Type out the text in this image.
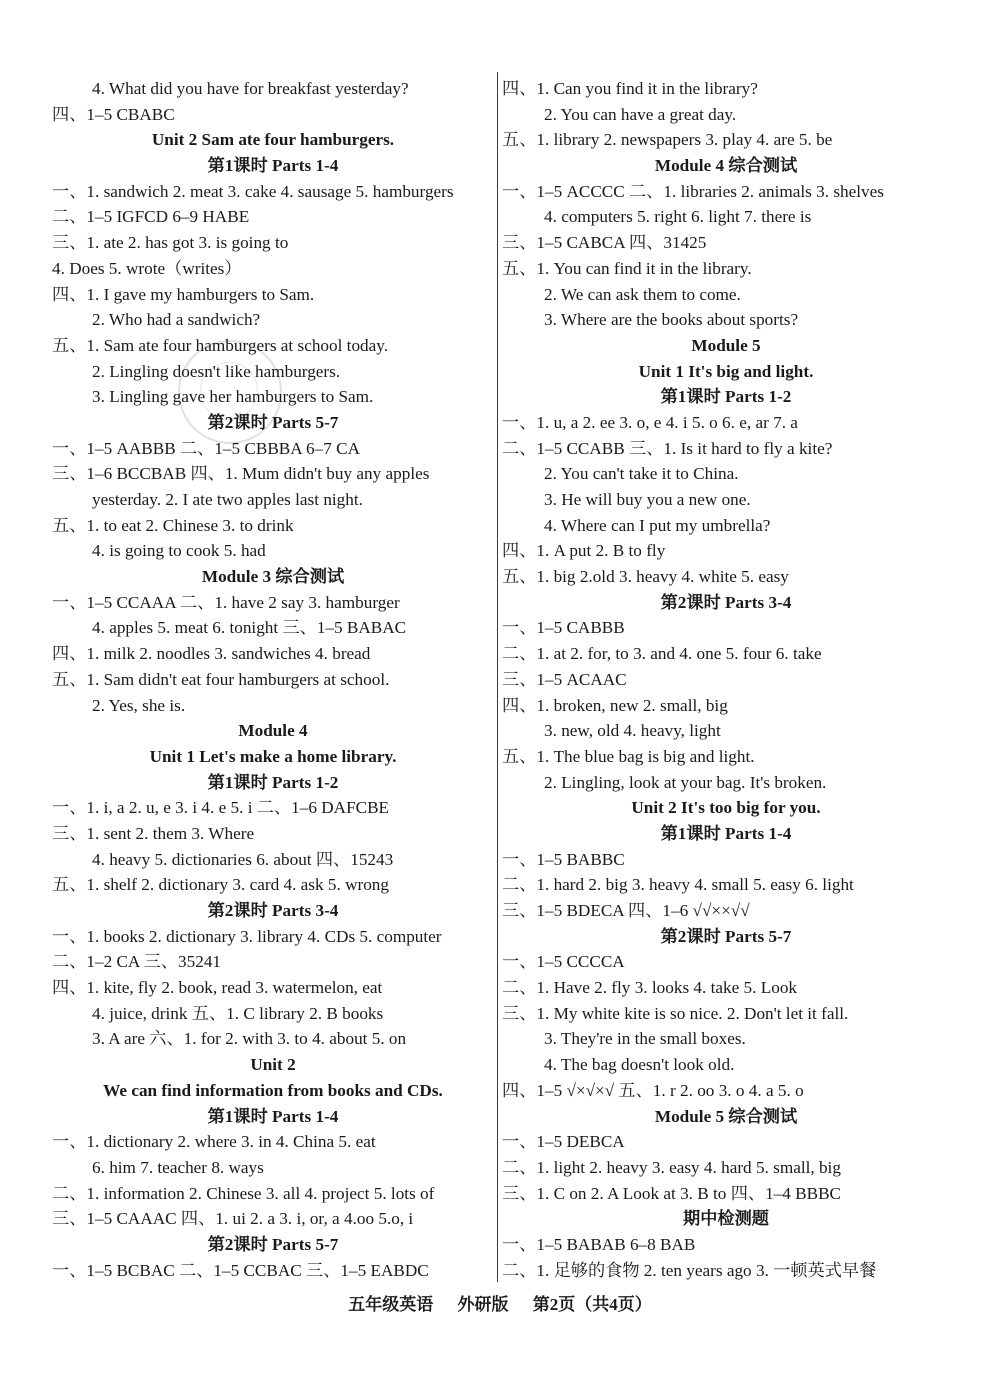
4. What did you have for breakfast yesterday?
四、1–5 CBABC
Unit 2 Sam ate four hamburgers.
第1课时 Parts 1-4
一、1. sandwich 2. meat 3. cake 4. sausage 5. hamburgers
二、1–5 IGFCD 6–9 HABE
三、1. ate 2. has got 3. is going to
4. Does 5. wrote（writes）
四、1. I gave my hamburgers to Sam.
2. Who had a sandwich?
五、1. Sam ate four hamburgers at school today.
2. Lingling doesn't like hamburgers.
3. Lingling gave her hamburgers to Sam.
第2课时 Parts 5-7
一、1–5 AABBB 二、1–5 CBBBA 6–7 CA
三、1–6 BCCBAB 四、1. Mum didn't buy any apples
yesterday. 2. I ate two apples last night.
五、1. to eat 2. Chinese 3. to drink
4. is going to cook 5. had
Module 3 综合测试
一、1–5 CCAAA 二、1. have 2 say 3. hamburger
4. apples 5. meat 6. tonight 三、1–5 BABAC
四、1. milk 2. noodles 3. sandwiches 4. bread
五、1. Sam didn't eat four hamburgers at school.
2. Yes, she is.
Module 4
Unit 1 Let's make a home library.
第1课时 Parts 1-2
一、1. i, a 2. u, e 3. i 4. e 5. i 二、1–6 DAFCBE
三、1. sent 2. them 3. Where
4. heavy 5. dictionaries 6. about 四、15243
五、1. shelf 2. dictionary 3. card 4. ask 5. wrong
第2课时 Parts 3-4
一、1. books 2. dictionary 3. library 4. CDs 5. computer
二、1–2 CA 三、35241
四、1. kite, fly 2. book, read 3. watermelon, eat
4. juice, drink 五、1. C library 2. B books
3. A are 六、1. for 2. with 3. to 4. about 5. on
Unit 2
We can find information from books and CDs.
第1课时 Parts 1-4
一、1. dictionary 2. where 3. in 4. China 5. eat
6. him 7. teacher 8. ways
二、1. information 2. Chinese 3. all 4. project 5. lots of
三、1–5 CAAAC 四、1. ui 2. a 3. i, or, a 4.oo 5.o, i
第2课时 Parts 5-7
一、1–5 BCBAC 二、1–5 CCBAC 三、1–5 EABDC
四、1. Can you find it in the library?
2. You can have a great day.
五、1. library 2. newspapers 3. play 4. are 5. be
Module 4 综合测试
一、1–5 ACCCC 二、1. libraries 2. animals 3. shelves
4. computers 5. right 6. light 7. there is
三、1–5 CABCA 四、31425
五、1. You can find it in the library.
2. We can ask them to come.
3. Where are the books about sports?
Module 5
Unit 1 It's big and light.
第1课时 Parts 1-2
一、1. u, a 2. ee 3. o, e 4. i 5. o 6. e, ar 7. a
二、1–5 CCABB 三、1. Is it hard to fly a kite?
2. You can't take it to China.
3. He will buy you a new one.
4. Where can I put my umbrella?
四、1. A put 2. B to fly
五、1. big 2.old 3. heavy 4. white 5. easy
第2课时 Parts 3-4
一、1–5 CABBB
二、1. at 2. for, to 3. and 4. one 5. four 6. take
三、1–5 ACAAC
四、1. broken, new 2. small, big
3. new, old 4. heavy, light
五、1. The blue bag is big and light.
2. Lingling, look at your bag. It's broken.
Unit 2 It's too big for you.
第1课时 Parts 1-4
一、1–5 BABBC
二、1. hard 2. big 3. heavy 4. small 5. easy 6. light
三、1–5 BDECA 四、1–6 √√××√√
第2课时 Parts 5-7
一、1–5 CCCCA
二、1. Have 2. fly 3. looks 4. take 5. Look
三、1. My white kite is so nice. 2. Don't let it fall.
3. They're in the small boxes.
4. The bag doesn't look old.
四、1–5 √×√×√ 五、1. r 2. oo 3. o 4. a 5. o
Module 5 综合测试
一、1–5 DEBCA
二、1. light 2. heavy 3. easy 4. hard 5. small, big
三、1. C on 2. A Look at 3. B to 四、1–4 BBBC
期中检测题
一、1–5 BABAB 6–8 BAB
二、1. 足够的食物 2. ten years ago 3. 一顿英式早餐
五年级英语 外研版 第2页（共4页）
